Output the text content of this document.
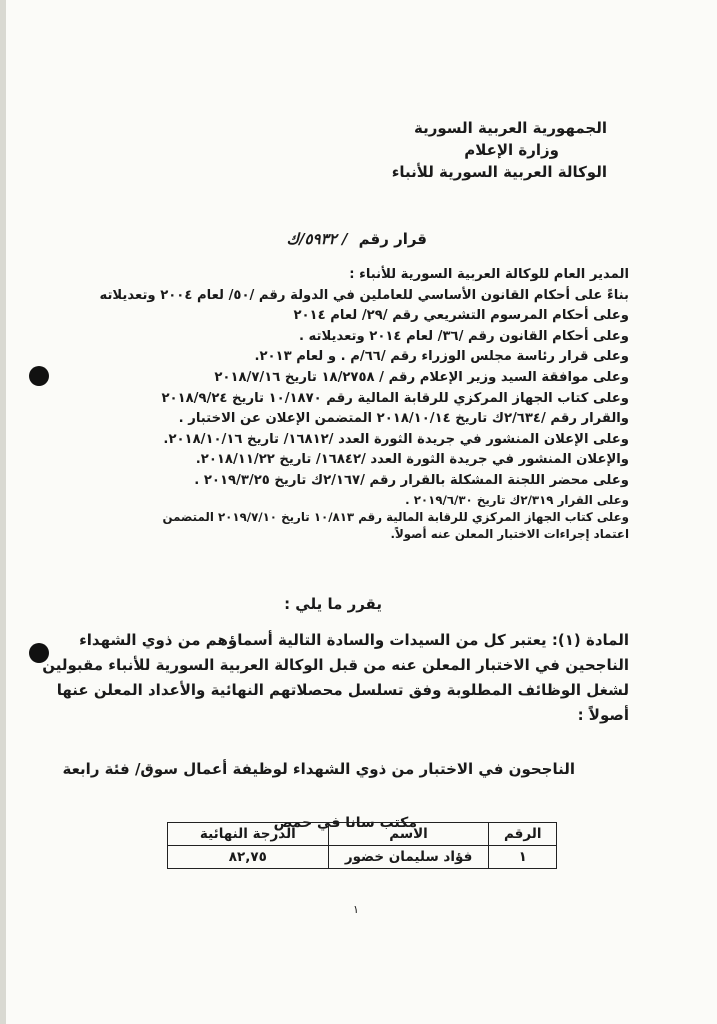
الجمهورية العربية السورية
وزارة الإعلام
الوكالة العربية السورية للأنباء
قرار رقم / ٥٩٣٢/ك
المدير العام للوكالة العربية السورية للأنباء :
بناءً على أحكام القانون الأساسي للعاملين في الدولة رقم /٥٠/ لعام ٢٠٠٤ وتعديلاته
وعلى أحكام المرسوم التشريعي رقم /٢٩/ لعام ٢٠١٤
وعلى أحكام القانون رقم /٣٦/ لعام ٢٠١٤ وتعديلاته .
وعلى قرار رئاسة مجلس الوزراء رقم /٦٦/م . و لعام ٢٠١٣.
وعلى موافقة السيد وزير الإعلام رقم / ١٨/٢٧٥٨ تاريخ ٢٠١٨/٧/١٦
وعلى كتاب الجهاز المركزي للرقابة المالية رقم ١٠/١٨٧٠ تاريخ ٢٠١٨/٩/٢٤
والقرار رقم /٢/٦٣٤ك تاريخ ٢٠١٨/١٠/١٤ المتضمن الإعلان عن الاختبار .
وعلى الإعلان المنشور في جريدة الثورة العدد /١٦٨١٢/ تاريخ ٢٠١٨/١٠/١٦.
والإعلان المنشور في جريدة الثورة العدد /١٦٨٤٢/ تاريخ ٢٠١٨/١١/٢٢.
وعلى محضر اللجنة المشكلة بالقرار رقم /٢/١٦٧ك تاريخ ٢٠١٩/٣/٢٥ .
وعلى القرار ٢/٣١٩ك تاريخ ٢٠١٩/٦/٣٠ .
وعلى كتاب الجهاز المركزي للرقابة المالية رقم ١٠/٨١٣ تاريخ ٢٠١٩/٧/١٠ المتضمن
اعتماد إجراءات الاختبار المعلن عنه أصولاً.
يقرر ما يلي :
المادة (١): يعتبر كل من السيدات والسادة التالية أسماؤهم من ذوي الشهداء
الناجحين في الاختبار المعلن عنه من قبل الوكالة العربية السورية للأنباء مقبولين
لشغل الوظائف المطلوبة وفق تسلسل محصلاتهم النهائية والأعداد المعلن عنها
أصولاً :
الناجحون في الاختبار من ذوي الشهداء لوظيفة أعمال سوق/ فئة رابعة
مكتب سانا في حمص
الرقم	الاسم	الدرجة النهائية
١	فؤاد سليمان خضور	٨٢,٧٥
١
